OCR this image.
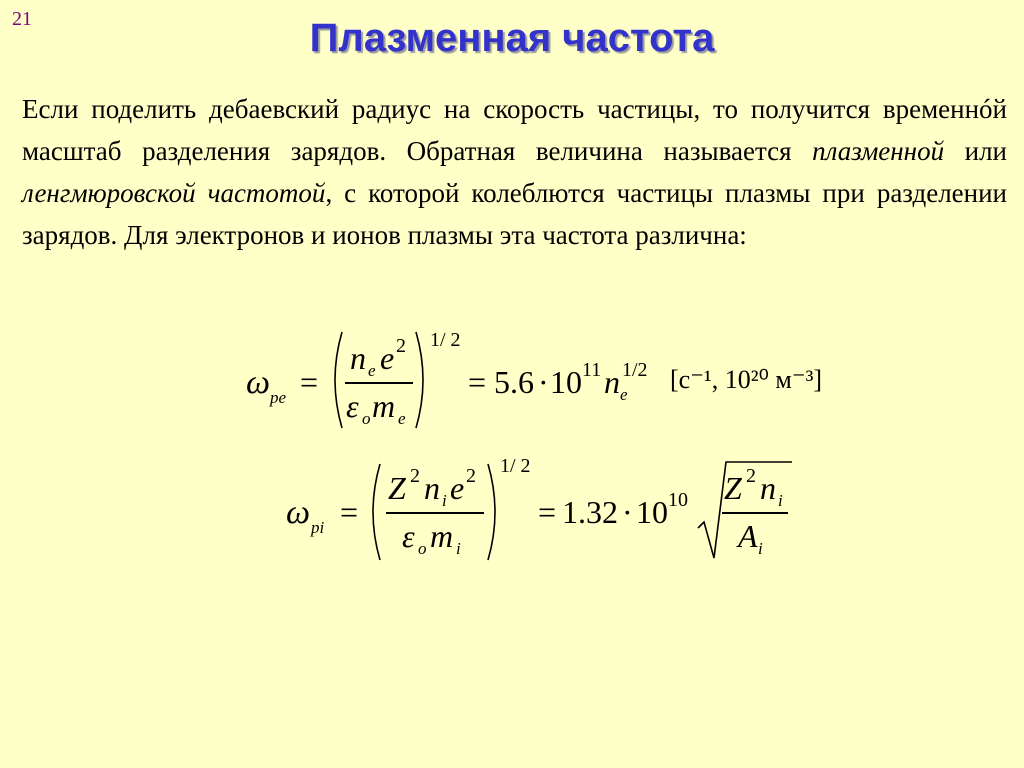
21	Плазменная частота
Если поделить дебаевский радиус на скорость частицы, то получится временнóй масштаб разделения зарядов. Обратная величина называется плазменной или ленгмюровской частотой, с которой колеблются частицы плазмы при разделении зарядов. Для электронов и ионов плазмы эта частота различна:
ω pe =
n e e 2
ε o m e
1/ 2
= 5.6 · 10 11 n e
1/2 [с⁻¹, 10²⁰ м⁻³]
ω pi =
Z 2 n i e 2
ε o m i
1/ 2
= 1.32 · 10 10 Z 2 n i
A i
